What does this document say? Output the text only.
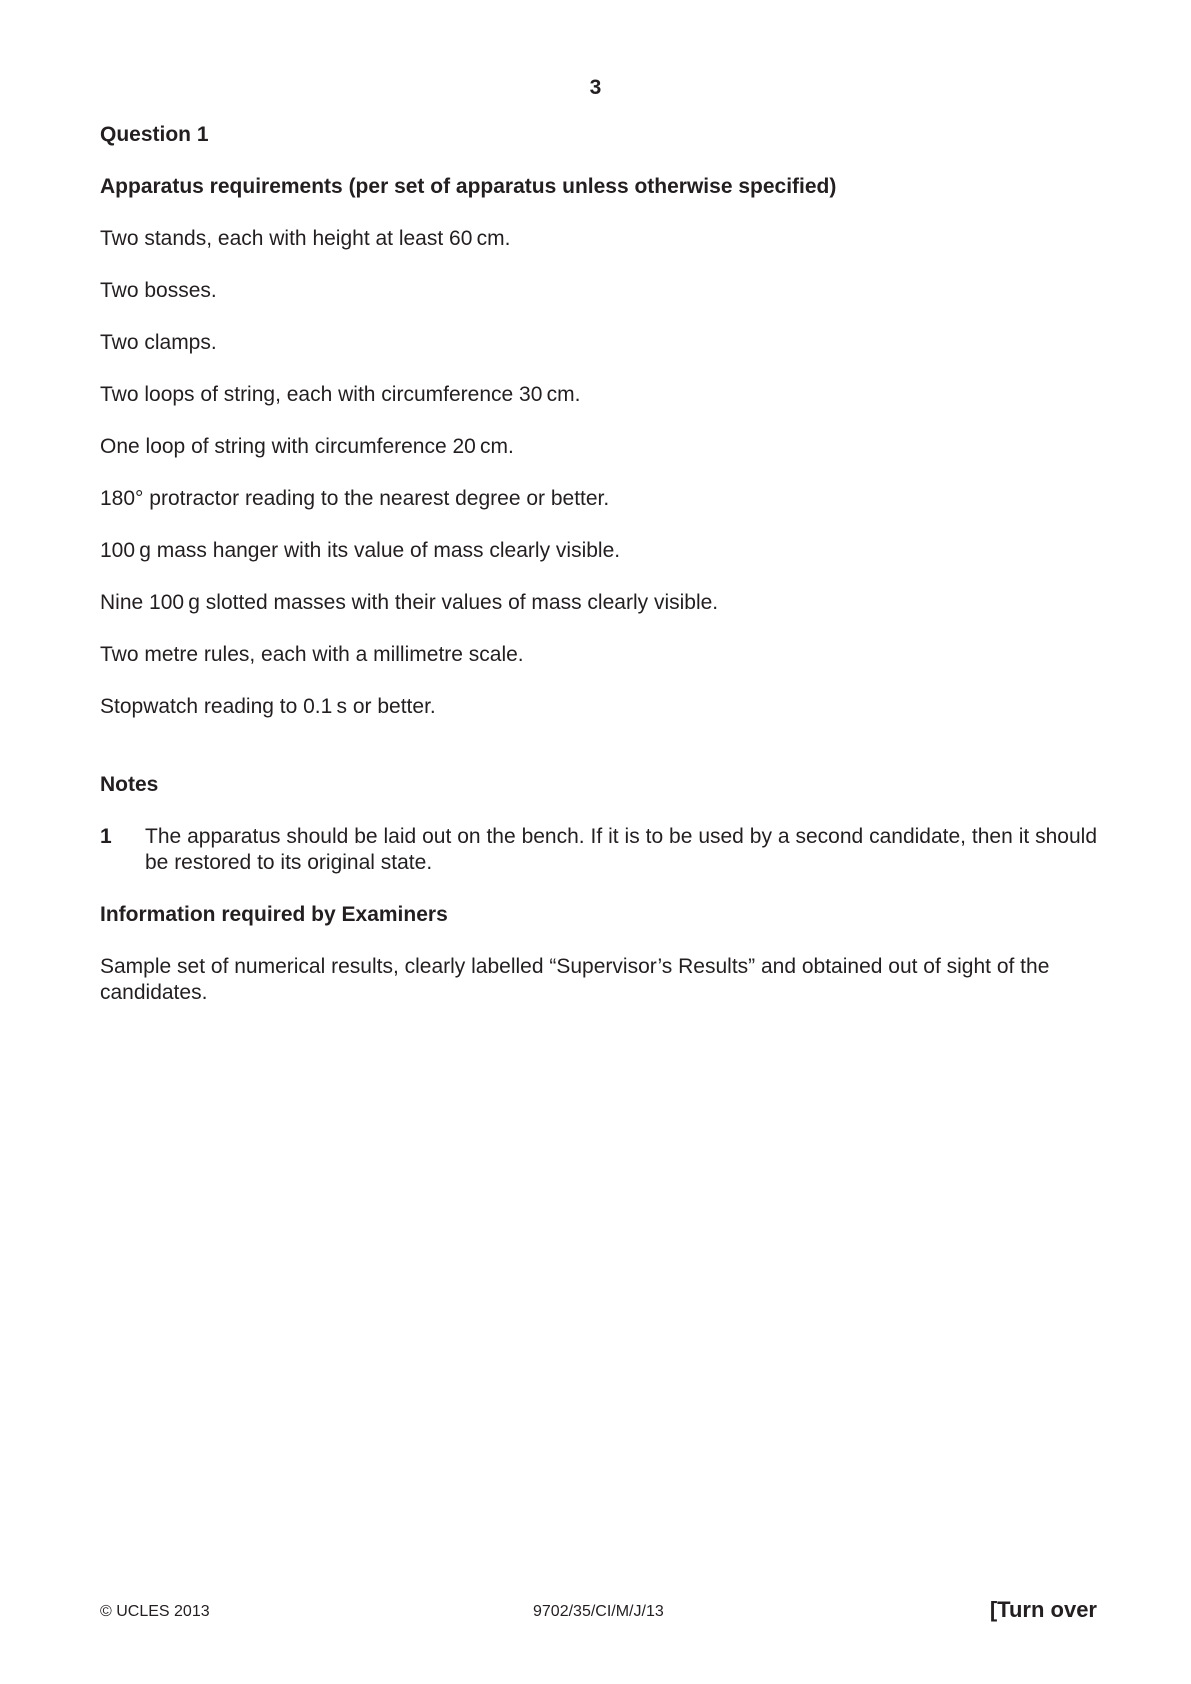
3
Question 1
Apparatus requirements (per set of apparatus unless otherwise specified)
Two stands, each with height at least 60 cm.
Two bosses.
Two clamps.
Two loops of string, each with circumference 30 cm.
One loop of string with circumference 20 cm.
180° protractor reading to the nearest degree or better.
100 g mass hanger with its value of mass clearly visible.
Nine 100 g slotted masses with their values of mass clearly visible.
Two metre rules, each with a millimetre scale.
Stopwatch reading to 0.1 s or better.
Notes
1	The apparatus should be laid out on the bench. If it is to be used by a second candidate, then it should be restored to its original state.
Information required by Examiners

Sample set of numerical results, clearly labelled “Supervisor’s Results” and obtained out of sight of the candidates.

© UCLES 2013	9702/35/CI/M/J/13	[Turn over
